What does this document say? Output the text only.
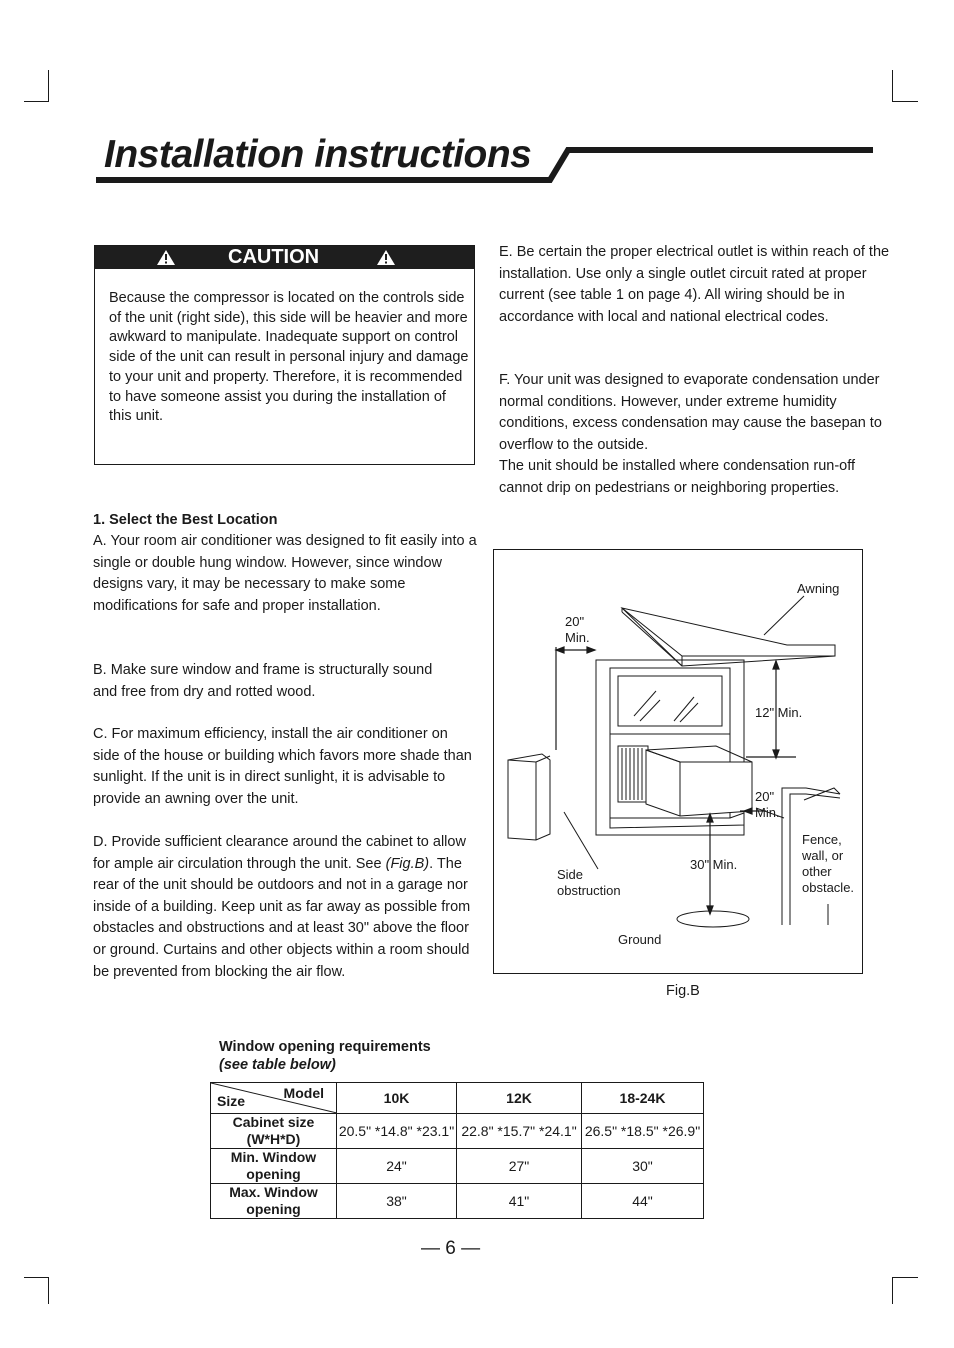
Installation instructions
CAUTION

Because the compressor is located on the controls side of the unit (right side), this side will be heavier and more awkward to manipulate. Inadequate support on control side of the unit can result in personal injury and damage to your unit and property. Therefore, it is recommended to have someone assist you during the installation of this unit.

1. Select the Best Location

A. Your room air conditioner was designed to fit easily into a single or double hung window. However, since window designs vary, it may be necessary to make some modifications for safe and proper installation.

B. Make sure window and frame is structurally sound and free from dry and rotted wood.

C. For maximum efficiency, install the air conditioner on side of the house or building which favors more shade than sunlight. If the unit is in direct sunlight, it is advisable to provide an awning over the unit.

D. Provide sufficient clearance around the cabinet to allow for ample air circulation through the unit. See (Fig.B). The rear of the unit should be outdoors and not in a garage nor inside of a building. Keep unit as far away as possible from obstacles and obstructions and at least 30" above the floor or ground. Curtains and other objects within a room should be prevented from blocking the air flow.

E. Be certain the proper electrical outlet is within reach of the installation. Use only a single outlet circuit rated at proper current (see table 1 on page 4). All wiring should be in accordance with local and national electrical codes.

F. Your unit was designed to evaporate condensation under normal conditions. However, under extreme humidity conditions, excess condensation may cause the basepan to overflow to the outside.

The unit should be installed where condensation run-off cannot drip on pedestrians or neighboring properties.

Awning
20"
Min.
12" Min.
20"
Min.
Fence,
wall, or
other
obstacle.
30" Min.
Side
obstruction
Ground
Fig.B
Window opening requirements
(see table below)
Size Model	10K	12K	18-24K

Cabinet size
(W*H*D)	20.5" *14.8" *23.1"	22.8" *15.7" *24.1"	26.5" *18.5" *26.9"

Min. Window
opening	24"	27"	30"

Max. Window
opening	38"	41"	44"
— 6 —
